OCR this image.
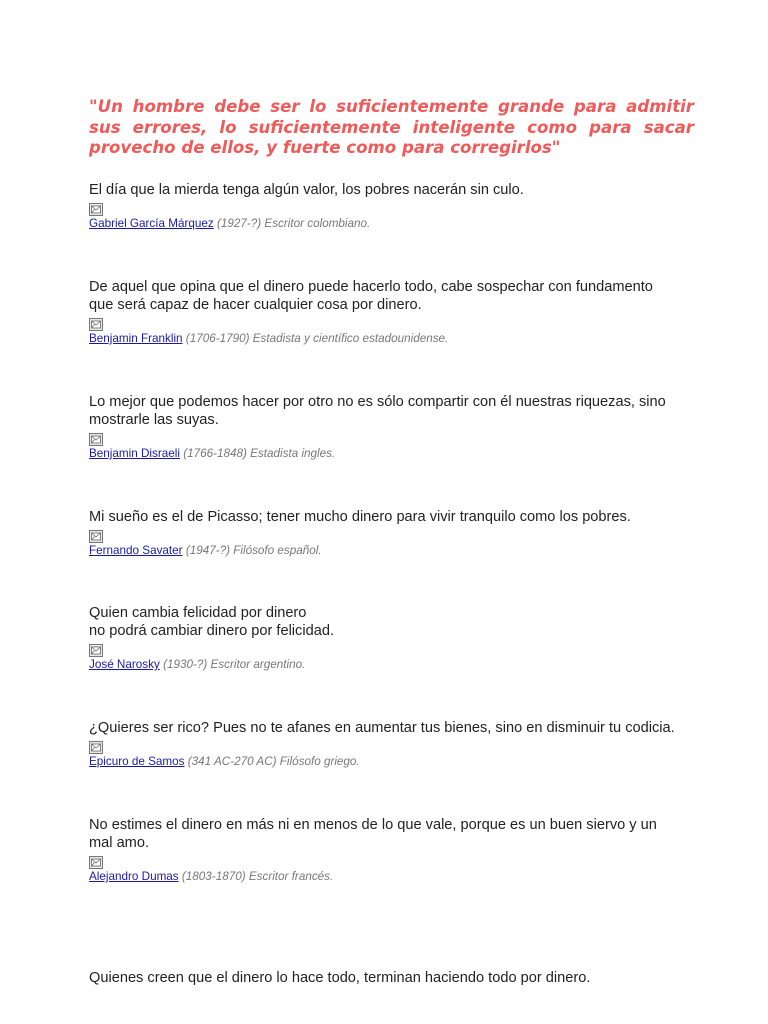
"Un hombre debe ser lo suficientemente grande para admitir sus errores, lo suficientemente inteligente como para sacar provecho de ellos, y fuerte como para corregirlos"

El día que la mierda tenga algún valor, los pobres nacerán sin culo.

Gabriel García Márquez (1927-?) Escritor colombiano.

De aquel que opina que el dinero puede hacerlo todo, cabe sospechar con fundamento
que será capaz de hacer cualquier cosa por dinero.

Benjamin Franklin (1706-1790) Estadista y científico estadounidense.

Lo mejor que podemos hacer por otro no es sólo compartir con él nuestras riquezas, sino
mostrarle las suyas.

Benjamin Disraeli (1766-1848) Estadista ingles.

Mi sueño es el de Picasso; tener mucho dinero para vivir tranquilo como los pobres.

Fernando Savater (1947-?) Filósofo español.

Quien cambia felicidad por dinero
no podrá cambiar dinero por felicidad.

José Narosky (1930-?) Escritor argentino.

¿Quieres ser rico? Pues no te afanes en aumentar tus bienes, sino en disminuir tu codicia.

Epicuro de Samos (341 AC-270 AC) Filósofo griego.

No estimes el dinero en más ni en menos de lo que vale, porque es un buen siervo y un
mal amo.

Alejandro Dumas (1803-1870) Escritor francés.

Quienes creen que el dinero lo hace todo, terminan haciendo todo por dinero.
